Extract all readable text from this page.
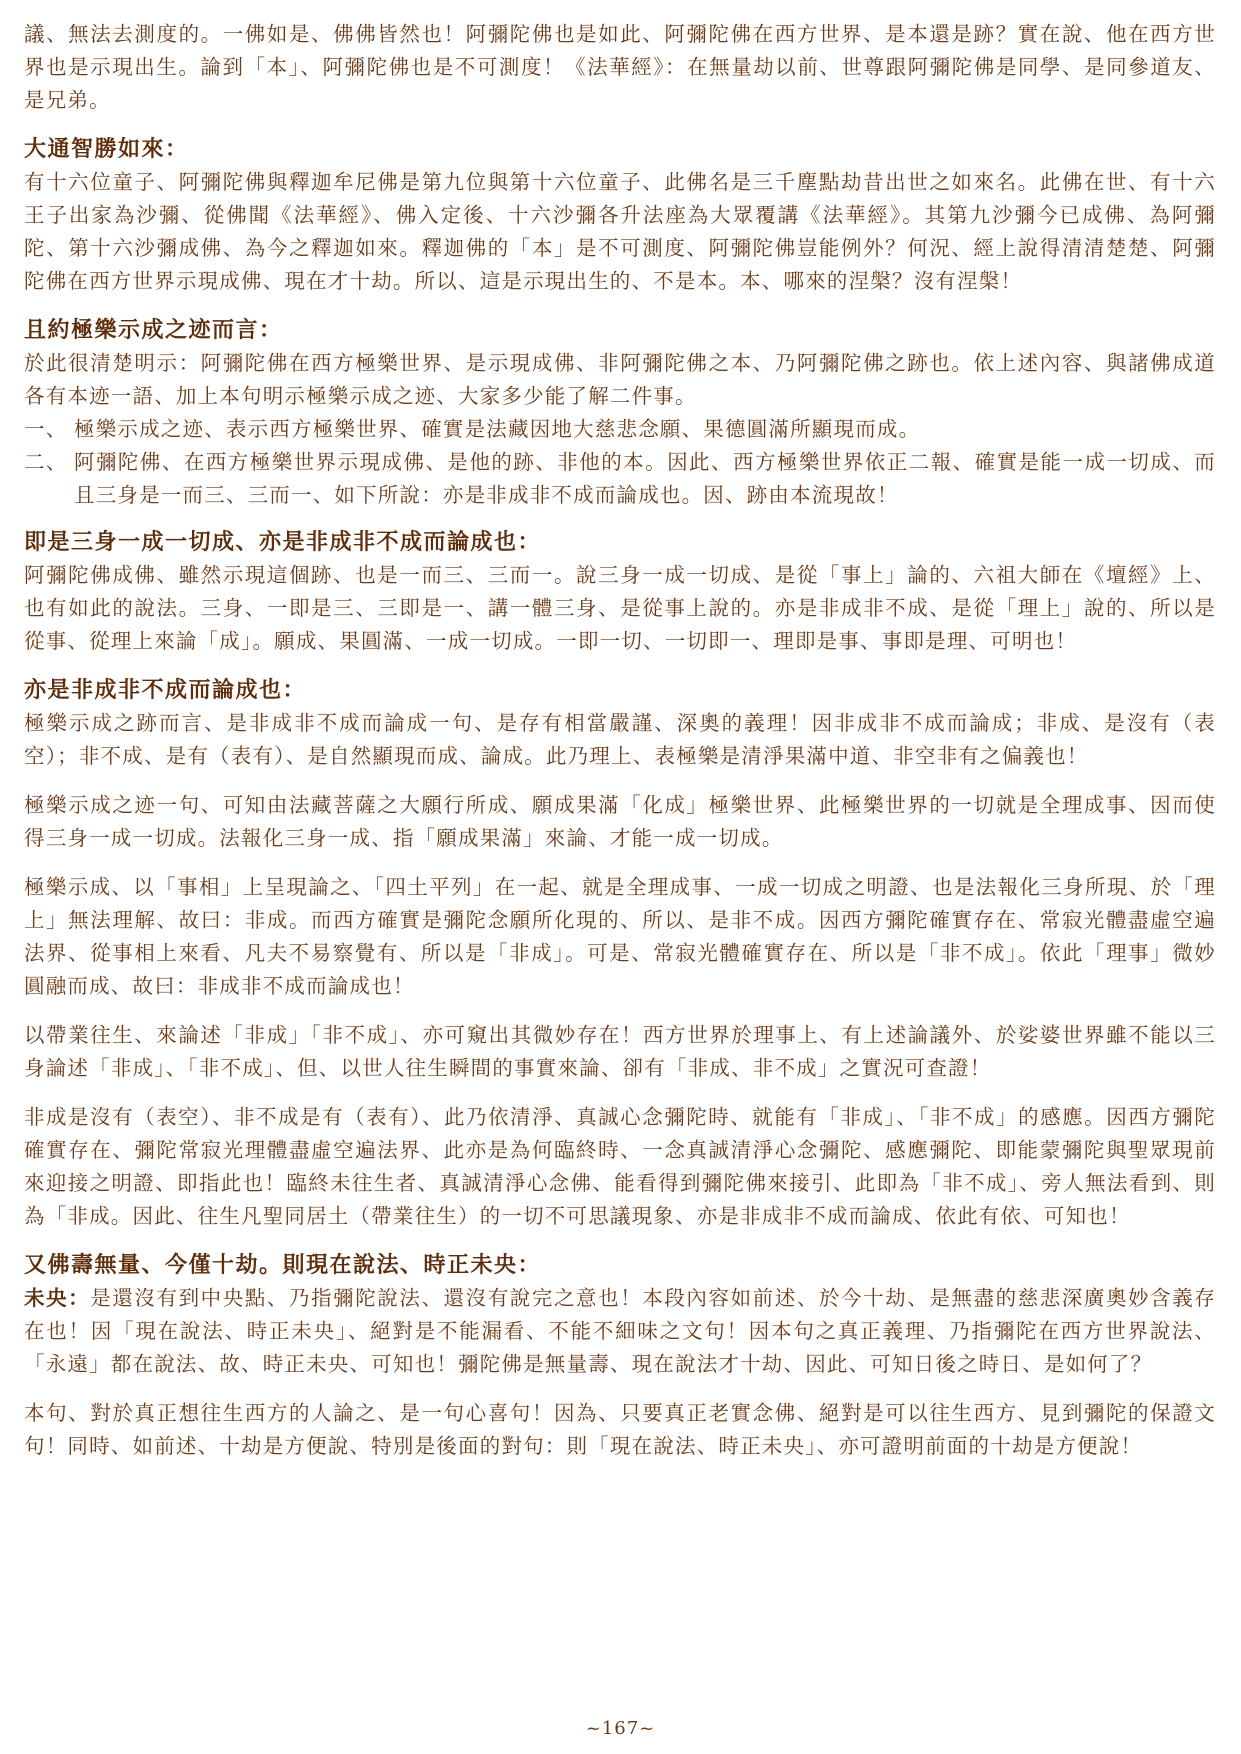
議、無法去測度的。一佛如是、佛佛皆然也！阿彌陀佛也是如此、阿彌陀佛在西方世界、是本還是跡？實在說、他在西方世界也是示現出生。論到「本」、阿彌陀佛也是不可測度！《法華經》：在無量劫以前、世尊跟阿彌陀佛是同學、是同參道友、是兄弟。

大通智勝如來：

有十六位童子、阿彌陀佛與釋迦牟尼佛是第九位與第十六位童子、此佛名是三千塵點劫昔出世之如來名。此佛在世、有十六王子出家為沙彌、從佛聞《法華經》、佛入定後、十六沙彌各升法座為大眾覆講《法華經》。其第九沙彌今已成佛、為阿彌陀、第十六沙彌成佛、為今之釋迦如來。釋迦佛的「本」是不可測度、阿彌陀佛豈能例外？何況、經上說得清清楚楚、阿彌陀佛在西方世界示現成佛、現在才十劫。所以、這是示現出生的、不是本。本、哪來的涅槃？沒有涅槃！

且約極樂示成之迹而言：

於此很清楚明示：阿彌陀佛在西方極樂世界、是示現成佛、非阿彌陀佛之本、乃阿彌陀佛之跡也。依上述內容、與諸佛成道各有本迹一語、加上本句明示極樂示成之迹、大家多少能了解二件事。

一、 極樂示成之迹、表示西方極樂世界、確實是法藏因地大慈悲念願、果德圓滿所顯現而成。
二、 阿彌陀佛、在西方極樂世界示現成佛、是他的跡、非他的本。因此、西方極樂世界依正二報、確實是能一成一切成、而且三身是一而三、三而一、如下所說：亦是非成非不成而論成也。因、跡由本流現故！
即是三身一成一切成、亦是非成非不成而論成也：

阿彌陀佛成佛、雖然示現這個跡、也是一而三、三而一。說三身一成一切成、是從「事上」論的、六祖大師在《壇經》上、也有如此的說法。三身、一即是三、三即是一、講一體三身、是從事上說的。亦是非成非不成、是從「理上」說的、所以是從事、從理上來論「成」。願成、果圓滿、一成一切成。一即一切、一切即一、理即是事、事即是理、可明也！

亦是非成非不成而論成也：

極樂示成之跡而言、是非成非不成而論成一句、是存有相當嚴謹、深奧的義理！因非成非不成而論成；非成、是沒有（表空）；非不成、是有（表有）、是自然顯現而成、論成。此乃理上、表極樂是清淨果滿中道、非空非有之偏義也！

極樂示成之迹一句、可知由法藏菩薩之大願行所成、願成果滿「化成」極樂世界、此極樂世界的一切就是全理成事、因而使得三身一成一切成。法報化三身一成、指「願成果滿」來論、才能一成一切成。

極樂示成、以「事相」上呈現論之、「四土平列」在一起、就是全理成事、一成一切成之明證、也是法報化三身所現、於「理上」無法理解、故曰：非成。而西方確實是彌陀念願所化現的、所以、是非不成。因西方彌陀確實存在、常寂光體盡虛空遍法界、從事相上來看、凡夫不易察覺有、所以是「非成」。可是、常寂光體確實存在、所以是「非不成」。依此「理事」微妙圓融而成、故曰：非成非不成而論成也！

以帶業往生、來論述「非成」「非不成」、亦可窺出其微妙存在！西方世界於理事上、有上述論議外、於娑婆世界雖不能以三身論述「非成」、「非不成」、但、以世人往生瞬間的事實來論、卻有「非成、非不成」之實況可查證！

非成是沒有（表空）、非不成是有（表有）、此乃依清淨、真誠心念彌陀時、就能有「非成」、「非不成」的感應。因西方彌陀確實存在、彌陀常寂光理體盡虛空遍法界、此亦是為何臨終時、一念真誠清淨心念彌陀、感應彌陀、即能蒙彌陀與聖眾現前來迎接之明證、即指此也！臨終未往生者、真誠清淨心念佛、能看得到彌陀佛來接引、此即為「非不成」、旁人無法看到、則為「非成。因此、往生凡聖同居土（帶業往生）的一切不可思議現象、亦是非成非不成而論成、依此有依、可知也！

又佛壽無量、今僅十劫。則現在說法、時正未央：

未央：是還沒有到中央點、乃指彌陀說法、還沒有說完之意也！本段內容如前述、於今十劫、是無盡的慈悲深廣奧妙含義存在也！因「現在說法、時正未央」、絕對是不能漏看、不能不細味之文句！因本句之真正義理、乃指彌陀在西方世界說法、「永遠」都在說法、故、時正未央、可知也！彌陀佛是無量壽、現在說法才十劫、因此、可知日後之時日、是如何了？

本句、對於真正想往生西方的人論之、是一句心喜句！因為、只要真正老實念佛、絕對是可以往生西方、見到彌陀的保證文句！同時、如前述、十劫是方便說、特別是後面的對句：則「現在說法、時正未央」、亦可證明前面的十劫是方便說！

~167~
